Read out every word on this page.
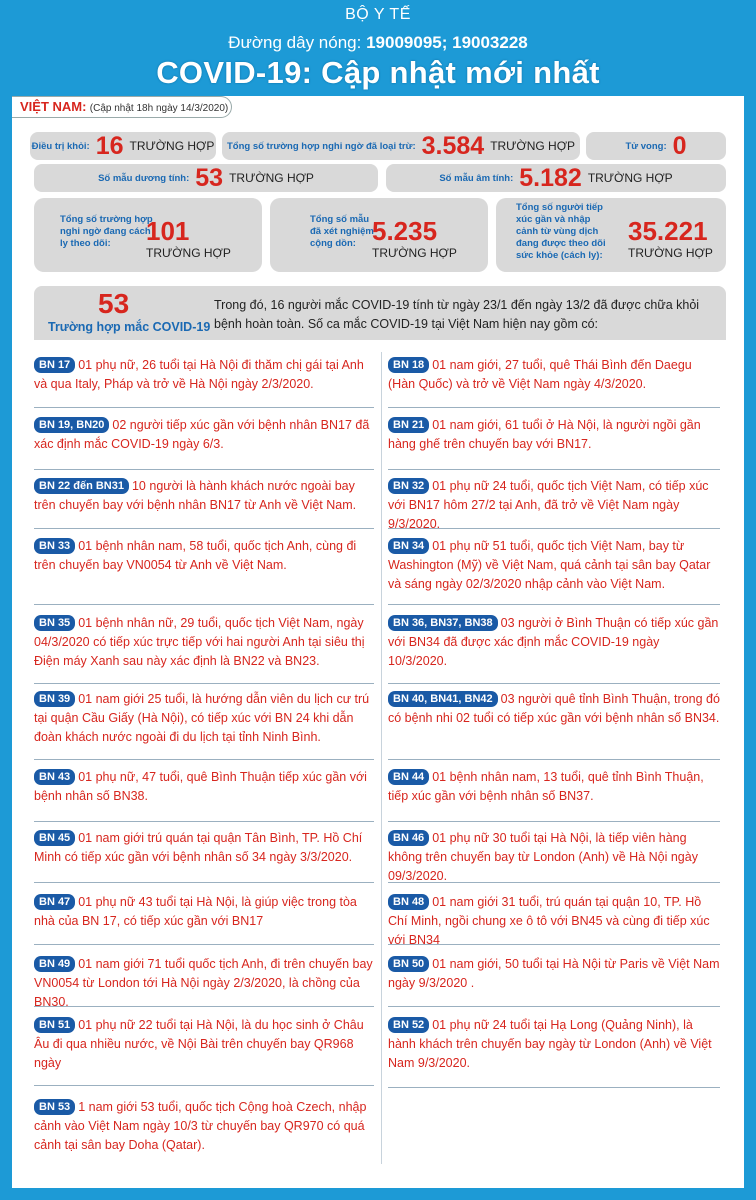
BỘ Y TẾ
Đường dây nóng: 19009095; 19003228
COVID-19: Cập nhật mới nhất
VIỆT NAM: (Cập nhật 18h ngày 14/3/2020)
Điều trị khỏi: 16 TRƯỜNG HỢP Tổng số trường hợp nghi ngờ đã loại trừ: 3.584 TRƯỜNG HỢP	Tử vong: 0
Số mẫu dương tính: 53 TRƯỜNG HỢP	Số mẫu âm tính: 5.182 TRƯỜNG HỢP
Tổng số trường hợp
nghi ngờ đang cách
ly theo dõi:	101
TRƯỜNG HỢP
Tổng số mẫu
đã xét nghiệm
cộng dồn: 5.235
TRƯỜNG HỢP
Tổng số người tiếp
xúc gần và nhập
cảnh từ vùng dịch
đang được theo dõi
sức khỏe (cách ly):
35.221
TRƯỜNG HỢP
53
Trường hợp mắc COVID-19
Trong đó, 16 người mắc COVID-19 tính từ ngày 23/1 đến ngày 13/2 đã được chữa khỏi bệnh hoàn toàn. Số ca mắc COVID-19 tại Việt Nam hiện nay gồm có:
BN 17 01 phụ nữ, 26 tuổi tại Hà Nội đi thăm chị gái tại Anh và qua Italy, Pháp và trở về Hà Nội ngày 2/3/2020.
BN 18 01 nam giới, 27 tuổi, quê Thái Bình đến Daegu (Hàn Quốc) và trở về Việt Nam ngày 4/3/2020.
BN 19, BN20 02 người tiếp xúc gần với bệnh nhân BN17 đã xác định mắc COVID-19 ngày 6/3.
BN 21 01 nam giới, 61 tuổi ở Hà Nội, là người ngồi gần hàng ghế trên chuyến bay với BN17.
BN 22 đến BN31 10 người là hành khách nước ngoài bay trên chuyến bay với bệnh nhân BN17 từ Anh về Việt Nam.
BN 32 01 phụ nữ 24 tuổi, quốc tịch Việt Nam, có tiếp xúc với BN17 hôm 27/2 tại Anh, đã trở về Việt Nam ngày 9/3/2020.
BN 33 01 bệnh nhân nam, 58 tuổi, quốc tịch Anh, cùng đi trên chuyến bay VN0054 từ Anh về Việt Nam.
BN 34 01 phụ nữ 51 tuổi, quốc tịch Việt Nam, bay từ Washington (Mỹ) về Việt Nam, quá cảnh tại sân bay Qatar và sáng ngày 02/3/2020 nhập cảnh vào Việt Nam.
BN 35 01 bệnh nhân nữ, 29 tuổi, quốc tịch Việt Nam, ngày 04/3/2020 có tiếp xúc trực tiếp với hai người Anh tại siêu thị Điện máy Xanh sau này xác định là BN22 và BN23.
BN 36, BN37, BN38 03 người ở Bình Thuận có tiếp xúc gần với BN34 đã được xác định mắc COVID-19 ngày 10/3/2020.
BN 39 01 nam giới 25 tuổi, là hướng dẫn viên du lịch cư trú tại quận Cầu Giấy (Hà Nội), có tiếp xúc với BN 24 khi dẫn đoàn khách nước ngoài đi du lịch tại tỉnh Ninh Bình.
BN 40, BN41, BN42 03 người quê tỉnh Bình Thuận, trong đó có bệnh nhi 02 tuổi có tiếp xúc gần với bệnh nhân số BN34.
BN 43 01 phụ nữ, 47 tuổi, quê Bình Thuận tiếp xúc gần với bệnh nhân số BN38.
BN 44 01 bệnh nhân nam, 13 tuổi, quê tỉnh Bình Thuận, tiếp xúc gần với bệnh nhân số BN37.
BN 45 01 nam giới trú quán tại quận Tân Bình, TP. Hồ Chí Minh có tiếp xúc gần với bệnh nhân số 34 ngày 3/3/2020.
BN 46 01 phụ nữ 30 tuổi tại Hà Nội, là tiếp viên hàng không trên chuyến bay từ London (Anh) về Hà Nội ngày 09/3/2020.
BN 47 01 phụ nữ 43 tuổi tại Hà Nội, là giúp việc trong tòa nhà của BN 17, có tiếp xúc gần với BN17
BN 48 01 nam giới 31 tuổi, trú quán tại quận 10, TP. Hồ Chí Minh, ngồi chung xe ô tô với BN45 và cùng đi tiếp xúc với BN34
BN 49 01 nam giới 71 tuổi quốc tịch Anh, đi trên chuyến bay VN0054 từ London tới Hà Nội ngày 2/3/2020, là chồng của BN30.
BN 50 01 nam giới, 50 tuổi tại Hà Nội từ Paris về Việt Nam ngày 9/3/2020 .
BN 51 01 phụ nữ 22 tuổi tại Hà Nội, là du học sinh ở Châu Âu đi qua nhiều nước, về Nội Bài trên chuyến bay QR968 ngày
BN 52 01 phụ nữ 24 tuổi tại Hạ Long (Quảng Ninh), là hành khách trên chuyến bay ngày từ London (Anh) về Việt Nam 9/3/2020.
BN 53 1 nam giới 53 tuổi, quốc tịch Cộng hoà Czech, nhập cảnh vào Việt Nam ngày 10/3 từ chuyến bay QR970 có quá cảnh tại sân bay Doha (Qatar).
